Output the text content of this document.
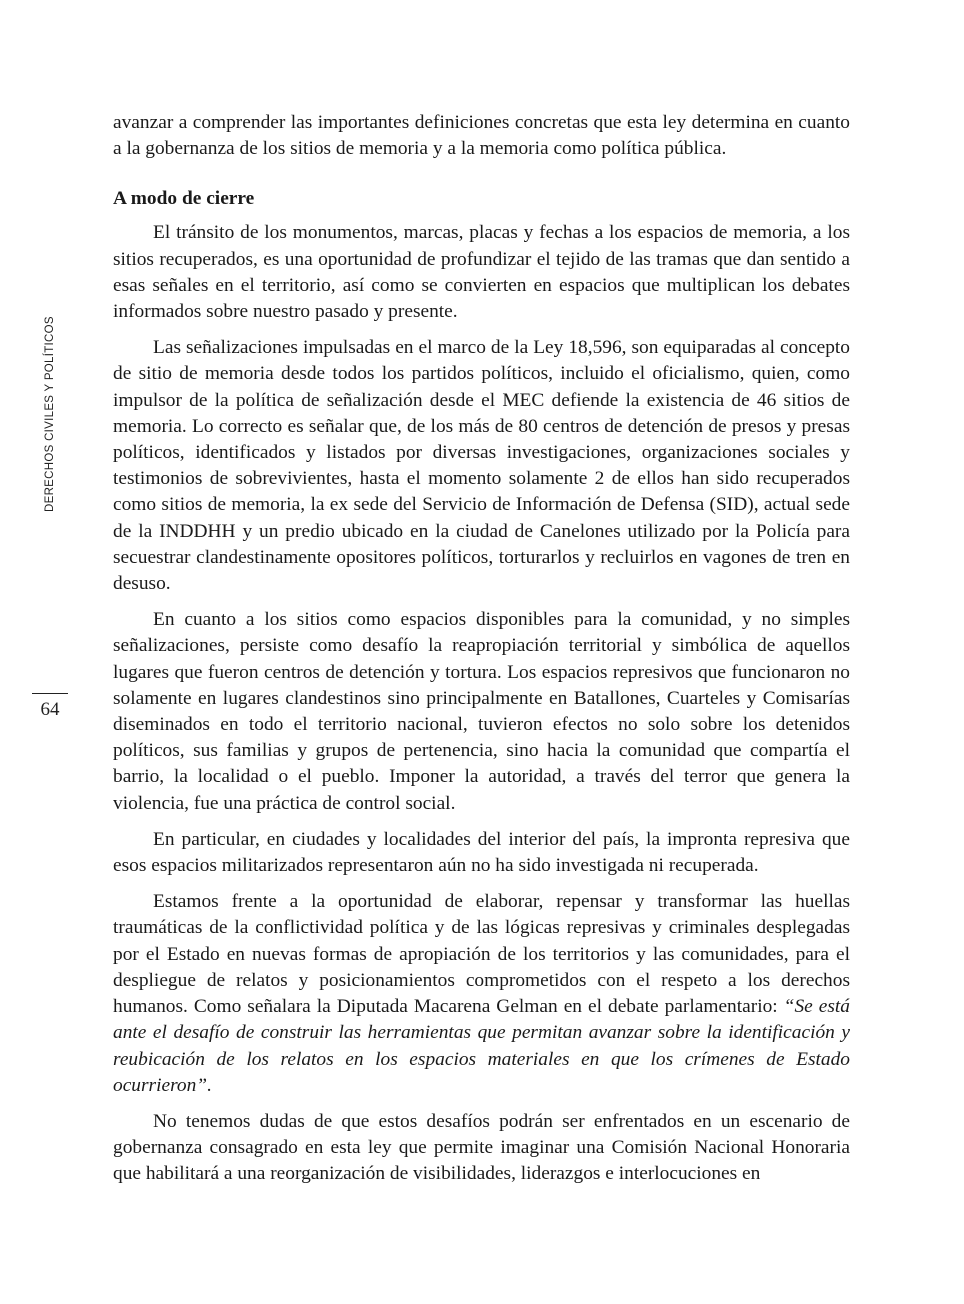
DERECHOS CIVILES Y POLÍTICOS
64

avanzar a comprender las importantes definiciones concretas que esta ley determina en cuanto a la gobernanza de los sitios de memoria y a la memoria como política pública.

A modo de cierre

El tránsito de los monumentos, marcas, placas y fechas a los espacios de memoria, a los sitios recuperados, es una oportunidad de profundizar el tejido de las tramas que dan sentido a esas señales en el territorio, así como se convierten en espacios que multiplican los debates informados sobre nuestro pasado y presente.

Las señalizaciones impulsadas en el marco de la Ley 18,596, son equiparadas al concepto de sitio de memoria desde todos los partidos políticos, incluido el oficialismo, quien, como impulsor de la política de señalización desde el MEC defiende la existencia de 46 sitios de memoria. Lo correcto es señalar que, de los más de 80 centros de detención de presos y presas políticos, identificados y listados por diversas investigaciones, organizaciones sociales y testimonios de sobrevivientes, hasta el momento solamente 2 de ellos han sido recuperados como sitios de memoria, la ex sede del Servicio de Información de Defensa (SID), actual sede de la INDDHH y un predio ubicado en la ciudad de Canelones utilizado por la Policía para secuestrar clandestinamente opositores políticos, torturarlos y recluirlos en vagones de tren en desuso.

En cuanto a los sitios como espacios disponibles para la comunidad, y no simples señalizaciones, persiste como desafío la reapropiación territorial y simbólica de aquellos lugares que fueron centros de detención y tortura. Los espacios represivos que funcionaron no solamente en lugares clandestinos sino principalmente en Batallones, Cuarteles y Comisarías diseminados en todo el territorio nacional, tuvieron efectos no solo sobre los detenidos políticos, sus familias y grupos de pertenencia, sino hacia la comunidad que compartía el barrio, la localidad o el pueblo. Imponer la autoridad, a través del terror que genera la violencia, fue una práctica de control social.

En particular, en ciudades y localidades del interior del país, la impronta represiva que esos espacios militarizados representaron aún no ha sido investigada ni recuperada.

Estamos frente a la oportunidad de elaborar, repensar y transformar las huellas traumáticas de la conflictividad política y de las lógicas represivas y criminales desplegadas por el Estado en nuevas formas de apropiación de los territorios y las comunidades, para el despliegue de relatos y posicionamientos comprometidos con el respeto a los derechos humanos. Como señalara la Diputada Macarena Gelman en el debate parlamentario: “Se está ante el desafío de construir las herramientas que permitan avanzar sobre la identificación y reubicación de los relatos en los espacios materiales en que los crímenes de Estado ocurrieron”.

No tenemos dudas de que estos desafíos podrán ser enfrentados en un escenario de gobernanza consagrado en esta ley que permite imaginar una Comisión Nacional Honoraria que habilitará a una reorganización de visibilidades, liderazgos e interlocuciones en
